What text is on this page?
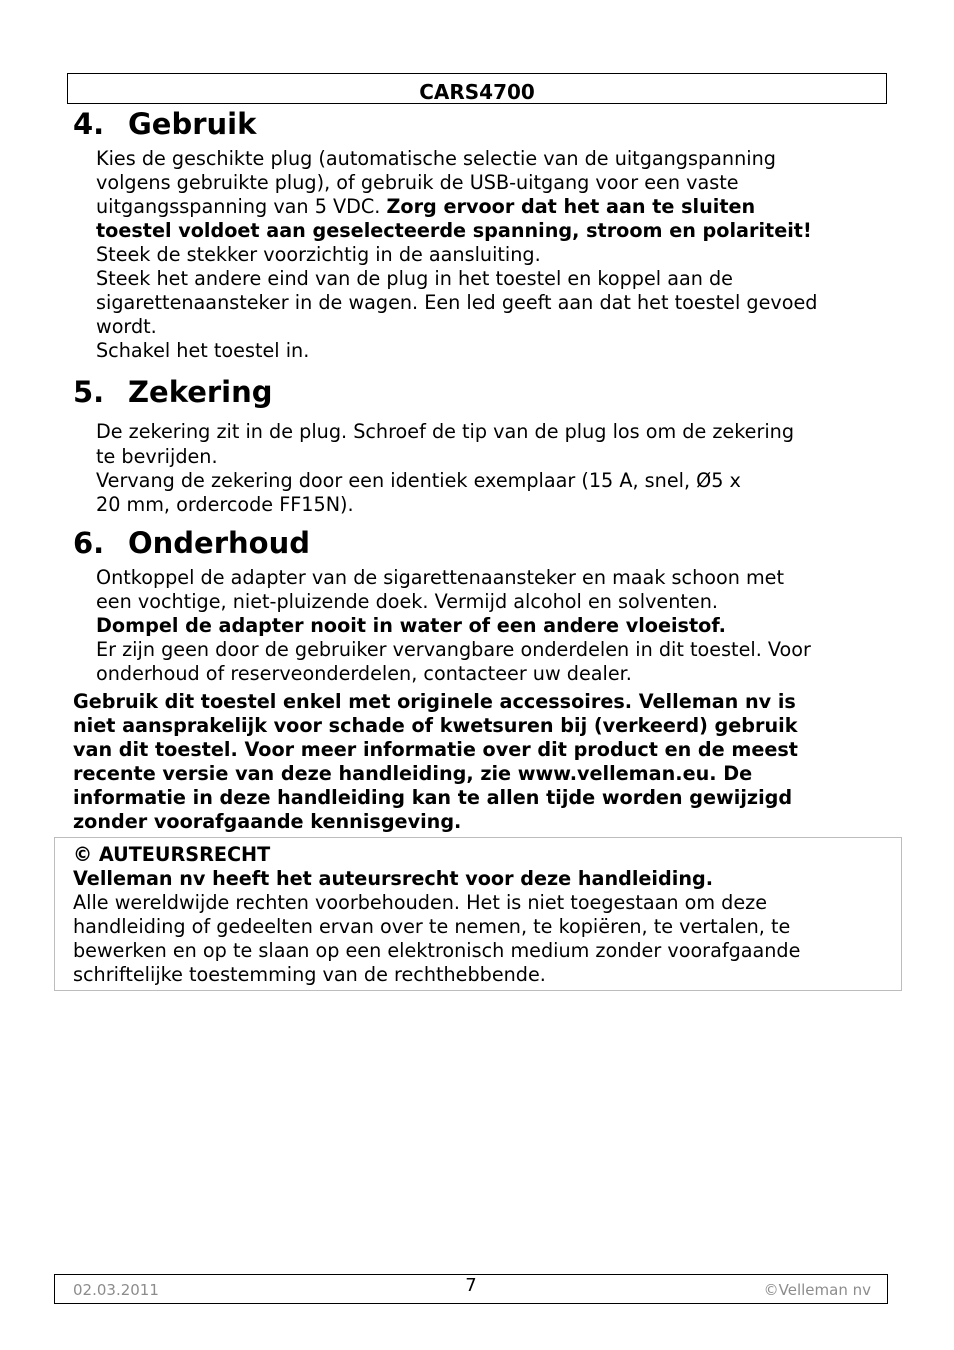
CARS4700
4. Gebruik
Kies de geschikte plug (automatische selectie van de uitgangspanning
volgens gebruikte plug), of gebruik de USB-uitgang voor een vaste
uitgangsspanning van 5 VDC. Zorg ervoor dat het aan te sluiten
toestel voldoet aan geselecteerde spanning, stroom en polariteit!
Steek de stekker voorzichtig in de aansluiting.
Steek het andere eind van de plug in het toestel en koppel aan de
sigarettenaansteker in de wagen. Een led geeft aan dat het toestel gevoed
wordt.
Schakel het toestel in.
5. Zekering
De zekering zit in de plug. Schroef de tip van de plug los om de zekering
te bevrijden.
Vervang de zekering door een identiek exemplaar (15 A, snel, Ø5 x
20 mm, ordercode FF15N).
6. Onderhoud
Ontkoppel de adapter van de sigarettenaansteker en maak schoon met
een vochtige, niet-pluizende doek. Vermijd alcohol en solventen.
Dompel de adapter nooit in water of een andere vloeistof.
Er zijn geen door de gebruiker vervangbare onderdelen in dit toestel. Voor
onderhoud of reserveonderdelen, contacteer uw dealer.
Gebruik dit toestel enkel met originele accessoires. Velleman nv is
niet aansprakelijk voor schade of kwetsuren bij (verkeerd) gebruik
van dit toestel. Voor meer informatie over dit product en de meest
recente versie van deze handleiding, zie www.velleman.eu. De
informatie in deze handleiding kan te allen tijde worden gewijzigd
zonder voorafgaande kennisgeving.
© AUTEURSRECHT
Velleman nv heeft het auteursrecht voor deze handleiding.
Alle wereldwijde rechten voorbehouden. Het is niet toegestaan om deze
handleiding of gedeelten ervan over te nemen, te kopiëren, te vertalen, te
bewerken en op te slaan op een elektronisch medium zonder voorafgaande
schriftelijke toestemming van de rechthebbende.
02.03.2011	7	©Velleman nv
